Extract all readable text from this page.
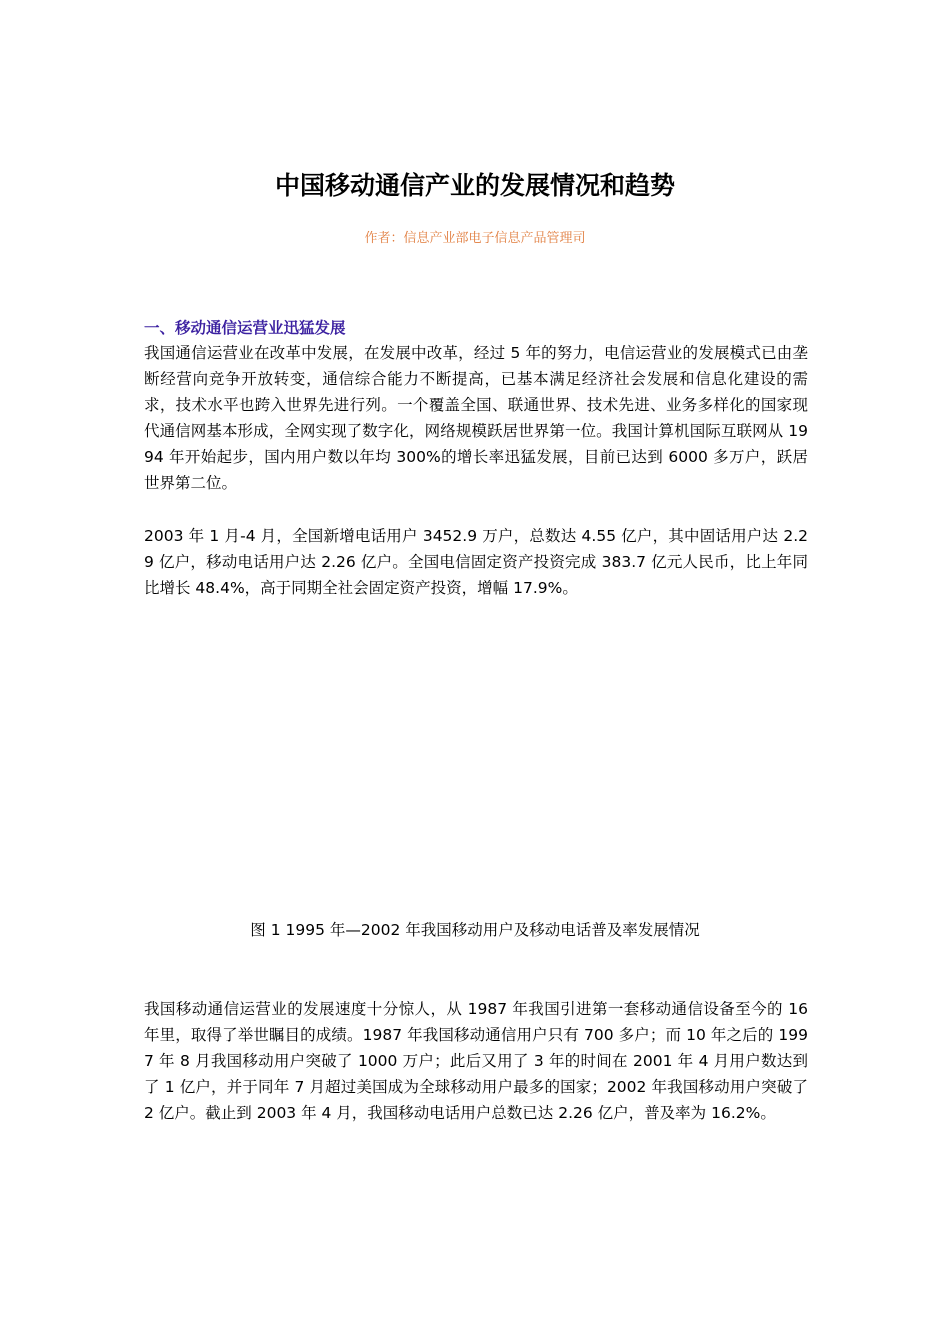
中国移动通信产业的发展情况和趋势

作者：信息产业部电子信息产品管理司

一、移动通信运营业迅猛发展

我国通信运营业在改革中发展，在发展中改革，经过 5 年的努力，电信运营业的发展模式已由垄断经营向竞争开放转变，通信综合能力不断提高，已基本满足经济社会发展和信息化建设的需求，技术水平也跨入世界先进行列。一个覆盖全国、联通世界、技术先进、业务多样化的国家现代通信网基本形成，全网实现了数字化，网络规模跃居世界第一位。我国计算机国际互联网从 1994 年开始起步，国内用户数以年均 300%的增长率迅猛发展，目前已达到 6000 多万户，跃居世界第二位。

2003 年 1 月-4 月，全国新增电话用户 3452.9 万户，总数达 4.55 亿户，其中固话用户达 2.29 亿户，移动电话用户达 2.26 亿户。全国电信固定资产投资完成 383.7 亿元人民币，比上年同比增长 48.4%，高于同期全社会固定资产投资，增幅 17.9%。

图 1 1995 年—2002 年我国移动用户及移动电话普及率发展情况

我国移动通信运营业的发展速度十分惊人，从 1987 年我国引进第一套移动通信设备至今的 16 年里，取得了举世瞩目的成绩。1987 年我国移动通信用户只有 700 多户；而 10 年之后的 1997 年 8 月我国移动用户突破了 1000 万户；此后又用了 3 年的时间在 2001 年 4 月用户数达到了 1 亿户，并于同年 7 月超过美国成为全球移动用户最多的国家；2002 年我国移动用户突破了 2 亿户。截止到 2003 年 4 月，我国移动电话用户总数已达 2.26 亿户，普及率为 16.2%。
